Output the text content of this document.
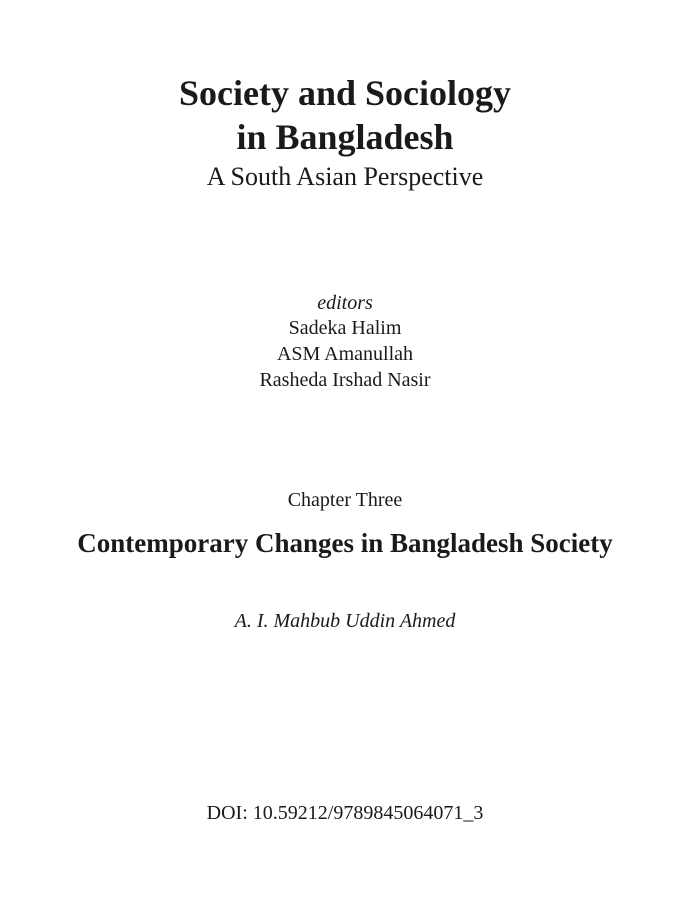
Society and Sociology
in Bangladesh
A South Asian Perspective
editors
Sadeka Halim
ASM Amanullah
Rasheda Irshad Nasir
Chapter Three
Contemporary Changes in Bangladesh Society
A. I. Mahbub Uddin Ahmed
DOI: 10.59212/9789845064071_3
